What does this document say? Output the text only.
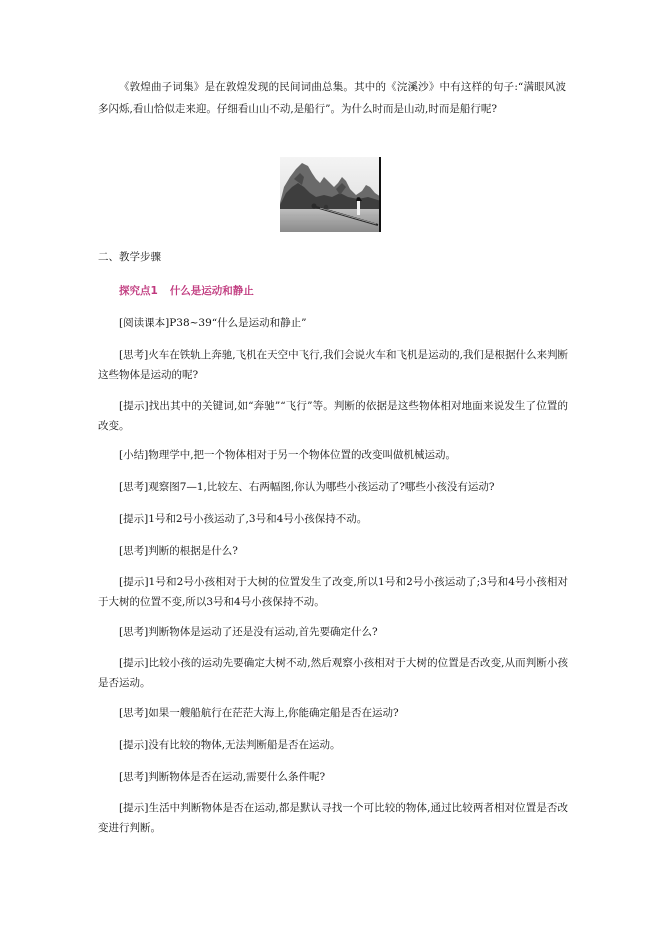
《敦煌曲子词集》是在敦煌发现的民间词曲总集。其中的《浣溪沙》中有这样的句子:“满眼风波多闪烁,看山恰似走来迎。仔细看山山不动,是船行”。为什么时而是山动,时而是船行呢?

二、教学步骤
探究点1 什么是运动和静止
[阅读课本]P38~39“什么是运动和静止”

[思考]火车在铁轨上奔驰,飞机在天空中飞行,我们会说火车和飞机是运动的,我们是根据什么来判断这些物体是运动的呢?

[提示]找出其中的关键词,如“奔驰”“飞行”等。判断的依据是这些物体相对地面来说发生了位置的改变。

[小结]物理学中,把一个物体相对于另一个物体位置的改变叫做机械运动。
[思考]观察图7—1,比较左、右两幅图,你认为哪些小孩运动了?哪些小孩没有运动?
[提示]1号和2号小孩运动了,3号和4号小孩保持不动。
[思考]判断的根据是什么?

[提示]1号和2号小孩相对于大树的位置发生了改变,所以1号和2号小孩运动了;3号和4号小孩相对于大树的位置不变,所以3号和4号小孩保持不动。

[思考]判断物体是运动了还是没有运动,首先要确定什么?

[提示]比较小孩的运动先要确定大树不动,然后观察小孩相对于大树的位置是否改变,从而判断小孩是否运动。

[思考]如果一艘船航行在茫茫大海上,你能确定船是否在运动?
[提示]没有比较的物体,无法判断船是否在运动。
[思考]判断物体是否在运动,需要什么条件呢?

[提示]生活中判断物体是否在运动,都是默认寻找一个可比较的物体,通过比较两者相对位置是否改变进行判断。
